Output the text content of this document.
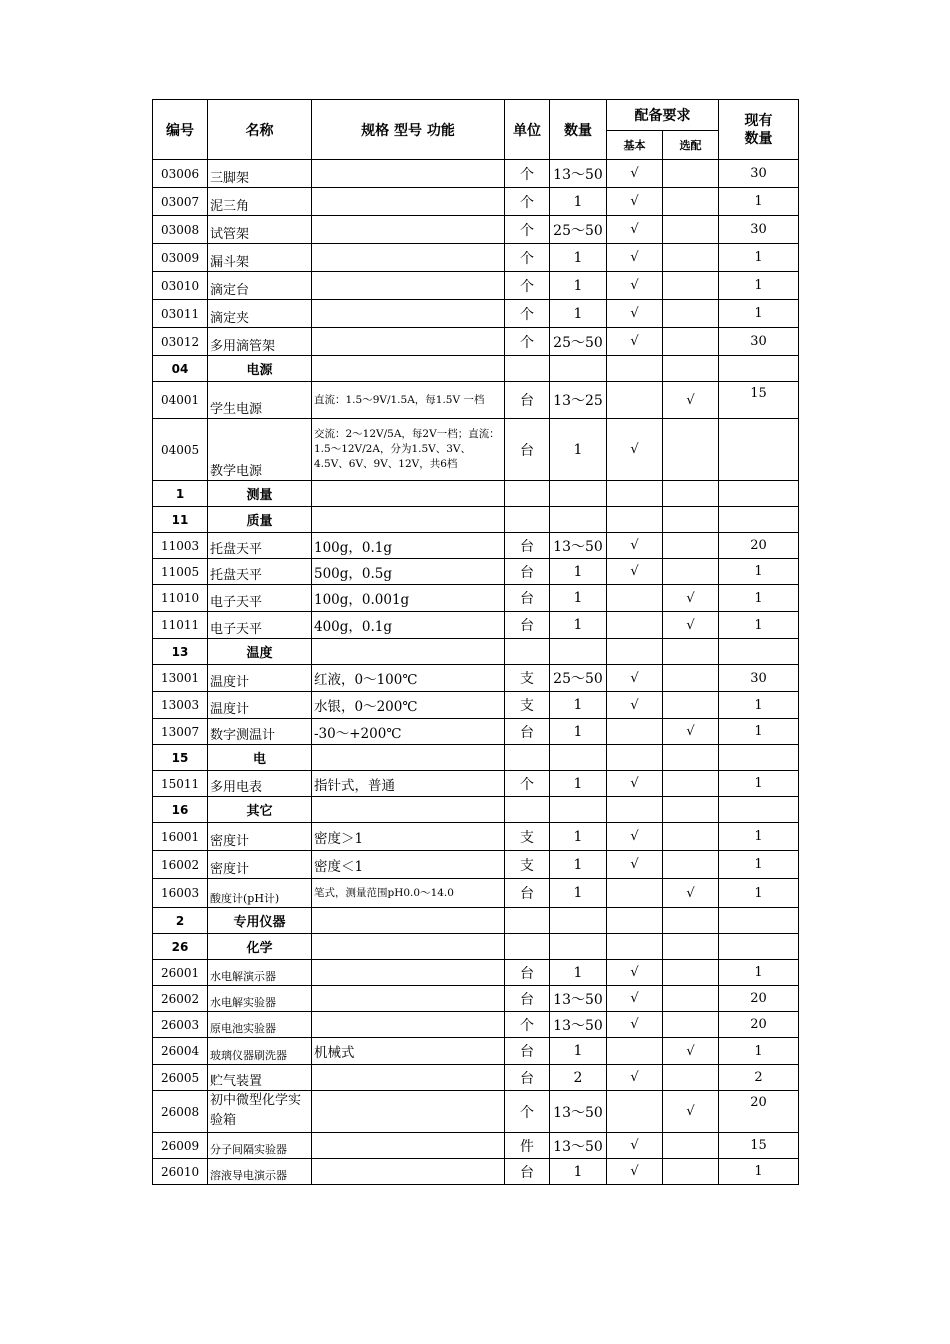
编号	名称	规格 型号 功能	单位	数量	配备要求		现有
数量
					基本	选配	
03006	三脚架		个	13～50	√		30
03007	泥三角		个	1	√		1
03008	试管架		个	25～50	√		30
03009	漏斗架		个	1	√		1
03010	滴定台		个	1	√		1
03011	滴定夹		个	1	√		1
03012	多用滴管架		个	25～50	√		30
04	电源						
04001	学生电源	直流：1.5～9V/1.5A，每1.5V 一档	台	13～25		√	15
04005	教学电源	交流：2～12V/5A，每2V一档；直流：1.5～12V/2A，分为1.5V、3V、4.5V、6V、9V、12V，共6档	台	1	√		
1	测量						
11	质量						
11003	托盘天平	100g，0.1g	台	13～50	√		20
11005	托盘天平	500g，0.5g	台	1	√		1
11010	电子天平	100g，0.001g	台	1		√	1
11011	电子天平	400g，0.1g	台	1		√	1
13	温度						
13001	温度计	红液，0～100℃	支	25～50	√		30
13003	温度计	水银，0～200℃	支	1	√		1
13007	数字测温计	-30～+200℃	台	1		√	1
15	电						
15011	多用电表	指针式，普通	个	1	√		1
16	其它						
16001	密度计	密度＞1	支	1	√		1
16002	密度计	密度＜1	支	1	√		1
16003	酸度计(pH计)	笔式，测量范围pH0.0～14.0	台	1		√	1
2	专用仪器						
26	化学						
26001	水电解演示器		台	1	√		1
26002	水电解实验器		台	13～50	√		20
26003	原电池实验器		个	13～50	√		20
26004	玻璃仪器刷洗器	机械式	台	1		√	1
26005	贮气装置		台	2	√		2
26008	初中微型化学实验箱		个	13～50		√	20
26009	分子间隔实验器		件	13～50	√		15
26010	溶液导电演示器		台	1	√		1
